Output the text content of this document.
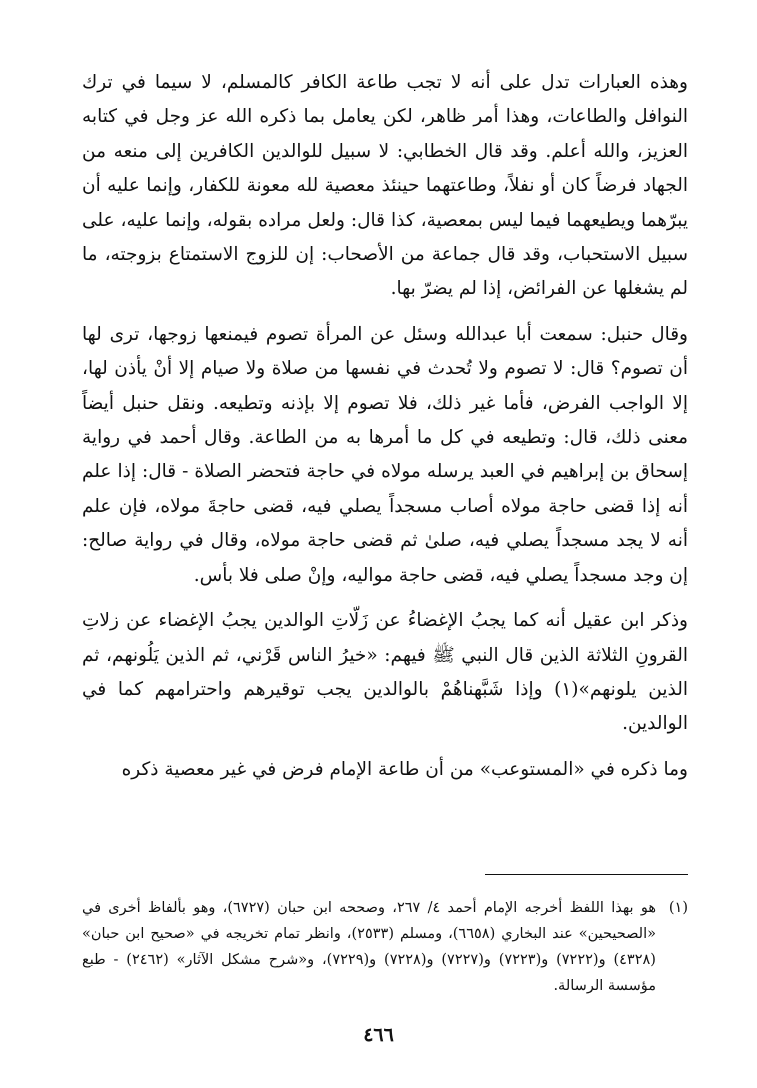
وهذه العبارات تدل على أنه لا تجب طاعة الكافر كالمسلم، لا سيما في ترك النوافل والطاعات، وهذا أمر ظاهر، لكن يعامل بما ذكره الله عز وجل في كتابه العزيز، والله أعلم. وقد قال الخطابي: لا سبيل للوالدين الكافرين إلى منعه من الجهاد فرضاً كان أو نفلاً، وطاعتهما حينئذ معصية لله معونة للكفار، وإنما عليه أن يبرّهما ويطيعهما فيما ليس بمعصية، كذا قال: ولعل مراده بقوله، وإنما عليه، على سبيل الاستحباب، وقد قال جماعة من الأصحاب: إن للزوج الاستمتاع بزوجته، ما لم يشغلها عن الفرائض، إذا لم يضرّ بها.

وقال حنبل: سمعت أبا عبدالله وسئل عن المرأة تصوم فيمنعها زوجها، ترى لها أن تصوم؟ قال: لا تصوم ولا تُحدث في نفسها من صلاة ولا صيام إلا أنْ يأذن لها، إلا الواجب الفرض، فأما غير ذلك، فلا تصوم إلا بإذنه وتطيعه. ونقل حنبل أيضاً معنى ذلك، قال: وتطيعه في كل ما أمرها به من الطاعة. وقال أحمد في رواية إسحاق بن إبراهيم في العبد يرسله مولاه في حاجة فتحضر الصلاة - قال: إذا علم أنه إذا قضى حاجة مولاه أصاب مسجداً يصلي فيه، قضى حاجةَ مولاه، فإن علم أنه لا يجد مسجداً يصلي فيه، صلىٰ ثم قضى حاجة مولاه، وقال في رواية صالح: إن وجد مسجداً يصلي فيه، قضى حاجة مواليه، وإنْ صلى فلا بأس.

وذكر ابن عقيل أنه كما يجبُ الإغضاءُ عن زَلّاتِ الوالدين يجبُ الإغضاء عن زلاتِ القرونِ الثلاثة الذين قال النبي ﷺ فيهم: «خيرُ الناس قَرْني، ثم الذين يَلُونهم، ثم الذين يلونهم»(١) وإذا شَبَّهناهُمْ بالوالدين يجب توقيرهم واحترامهم كما في الوالدين.

وما ذكره في «المستوعب» من أن طاعة الإمام فرض في غير معصية ذكره

(١)
هو بهذا اللفظ أخرجه الإمام أحمد ٤/ ٢٦٧، وصححه ابن حبان (٦٧٢٧)، وهو بألفاظ أخرى في «الصحيحين» عند البخاري (٦٦٥٨)، ومسلم (٢٥٣٣)، وانظر تمام تخريجه في «صحيح ابن حبان» (٤٣٢٨) و(٧٢٢٢) و(٧٢٢٣) و(٧٢٢٧) و(٧٢٢٨) و(٧٢٢٩)، و«شرح مشكل الآثار» (٢٤٦٢) - طبع مؤسسة الرسالة.
٤٦٦
